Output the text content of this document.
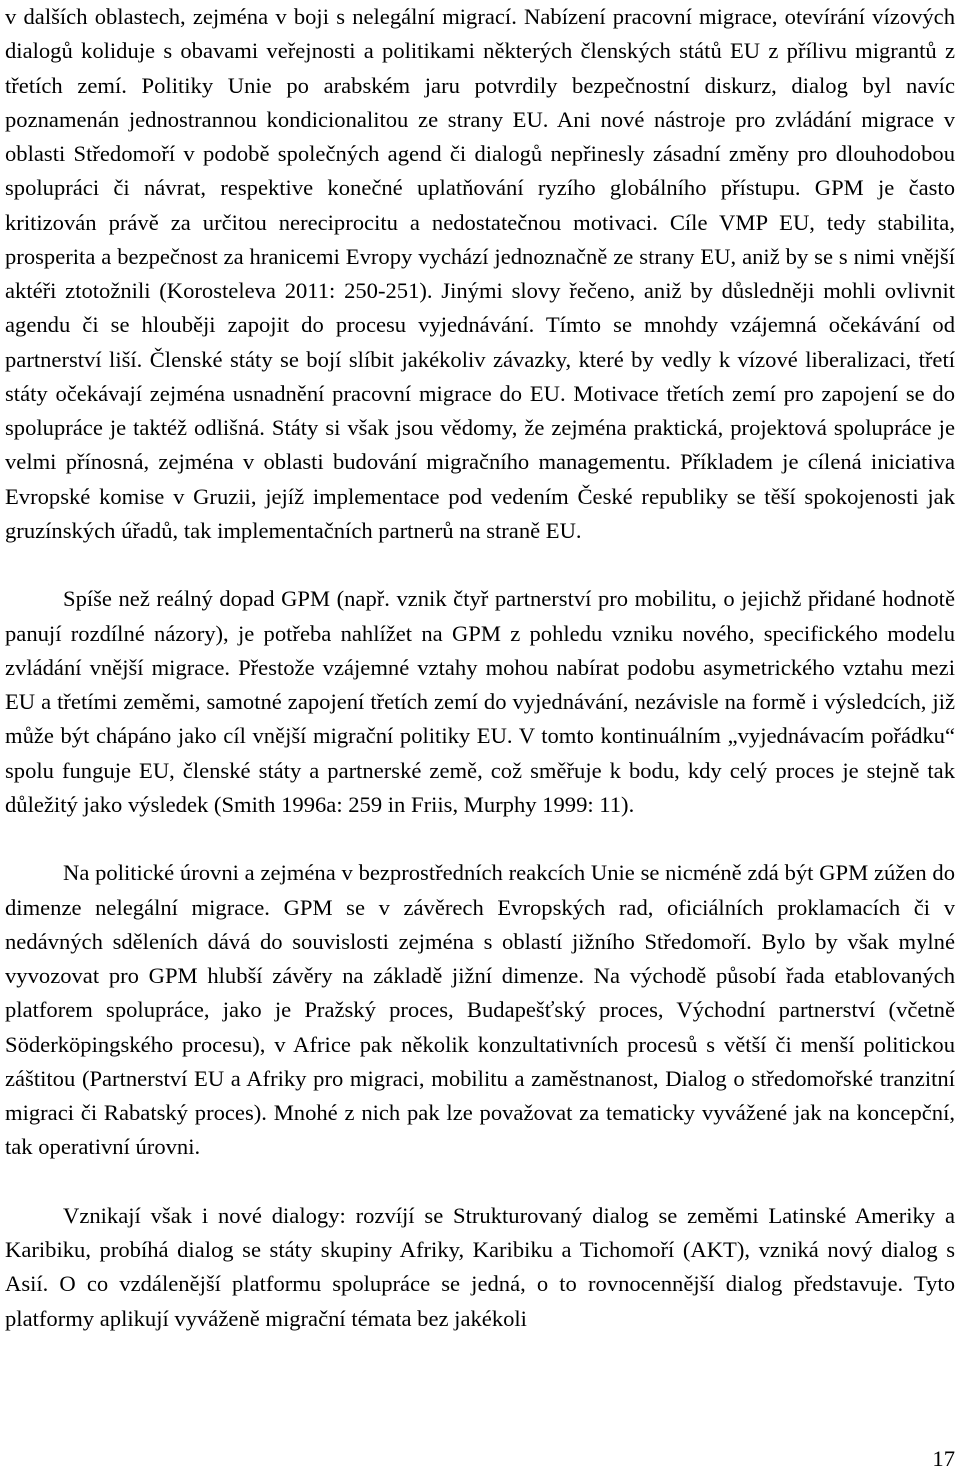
v dalších oblastech, zejména v boji s nelegální migrací. Nabízení pracovní migrace, otevírání vízových dialogů koliduje s obavami veřejnosti a politikami některých členských států EU z přílivu migrantů z třetích zemí. Politiky Unie po arabském jaru potvrdily bezpečnostní diskurz, dialog byl navíc poznamenán jednostrannou kondicionalitou ze strany EU. Ani nové nástroje pro zvládání migrace v oblasti Středomoří v podobě společných agend či dialogů nepřinesly zásadní změny pro dlouhodobou spolupráci či návrat, respektive konečné uplatňování ryzího globálního přístupu. GPM je často kritizován právě za určitou nereciprocitu a nedostatečnou motivaci. Cíle VMP EU, tedy stabilita, prosperita a bezpečnost za hranicemi Evropy vychází jednoznačně ze strany EU, aniž by se s nimi vnější aktéři ztotožnili (Korosteleva 2011: 250-251). Jinými slovy řečeno, aniž by důsledněji mohli ovlivnit agendu či se hlouběji zapojit do procesu vyjednávání. Tímto se mnohdy vzájemná očekávání od partnerství liší. Členské státy se bojí slíbit jakékoliv závazky, které by vedly k vízové liberalizaci, třetí státy očekávají zejména usnadnění pracovní migrace do EU. Motivace třetích zemí pro zapojení se do spolupráce je taktéž odlišná. Státy si však jsou vědomy, že zejména praktická, projektová spolupráce je velmi přínosná, zejména v oblasti budování migračního managementu. Příkladem je cílená iniciativa Evropské komise v Gruzii, jejíž implementace pod vedením České republiky se těší spokojenosti jak gruzínských úřadů, tak implementačních partnerů na straně EU.

Spíše než reálný dopad GPM (např. vznik čtyř partnerství pro mobilitu, o jejichž přidané hodnotě panují rozdílné názory), je potřeba nahlížet na GPM z pohledu vzniku nového, specifického modelu zvládání vnější migrace. Přestože vzájemné vztahy mohou nabírat podobu asymetrického vztahu mezi EU a třetími zeměmi, samotné zapojení třetích zemí do vyjednávání, nezávisle na formě i výsledcích, již může být chápáno jako cíl vnější migrační politiky EU. V tomto kontinuálním „vyjednávacím pořádku“ spolu funguje EU, členské státy a partnerské země, což směřuje k bodu, kdy celý proces je stejně tak důležitý jako výsledek (Smith 1996a: 259 in Friis, Murphy 1999: 11).

Na politické úrovni a zejména v bezprostředních reakcích Unie se nicméně zdá být GPM zúžen do dimenze nelegální migrace. GPM se v závěrech Evropských rad, oficiálních proklamacích či v nedávných sděleních dává do souvislosti zejména s oblastí jižního Středomoří. Bylo by však mylné vyvozovat pro GPM hlubší závěry na základě jižní dimenze. Na východě působí řada etablovaných platforem spolupráce, jako je Pražský proces, Budapešťský proces, Východní partnerství (včetně Söderköpingského procesu), v Africe pak několik konzultativních procesů s větší či menší politickou záštitou (Partnerství EU a Afriky pro migraci, mobilitu a zaměstnanost, Dialog o středomořské tranzitní migraci či Rabatský proces). Mnohé z nich pak lze považovat za tematicky vyvážené jak na koncepční, tak operativní úrovni.

Vznikají však i nové dialogy: rozvíjí se Strukturovaný dialog se zeměmi Latinské Ameriky a Karibiku, probíhá dialog se státy skupiny Afriky, Karibiku a Tichomoří (AKT), vzniká nový dialog s Asií. O co vzdálenější platformu spolupráce se jedná, o to rovnocennější dialog představuje. Tyto platformy aplikují vyváženě migrační témata bez jakékoli

17
